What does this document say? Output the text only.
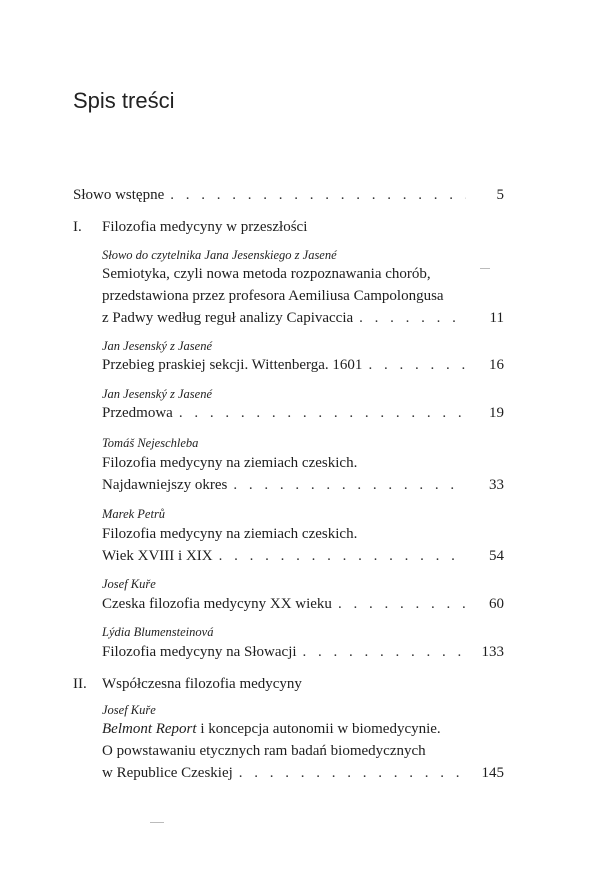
Spis treści
Słowo wstępne . . .	5
I. Filozofia medycyny w przeszłości
Słowo do czytelnika Jana Jesenskiego z Jasené
Semiotyka, czyli nowa metoda rozpoznawania chorób,
przedstawiona przez profesora Aemiliusa Campolongusa
z Padwy według reguł analizy Capivaccia . . .	11
Jan Jesenský z Jasené
Przebieg praskiej sekcji. Wittenberga. 1601 . . .	16
Jan Jesenský z Jasené
Przedmowa . . .	19
Tomáš Nejeschleba
Filozofia medycyny na ziemiach czeskich.
Najdawniejszy okres . . .	33
Marek Petrů
Filozofia medycyny na ziemiach czeskich.
Wiek XVIII i XIX . . .	54
Josef Kuře
Czeska filozofia medycyny XX wieku . . .	60
Lýdia Blumensteinová
Filozofia medycyny na Słowacji . . .	133
II. Współczesna filozofia medycyny
Josef Kuře
Belmont Report i koncepcja autonomii w biomedycynie.
O powstawaniu etycznych ram badań biomedycznych
w Republice Czeskiej . . .	145
